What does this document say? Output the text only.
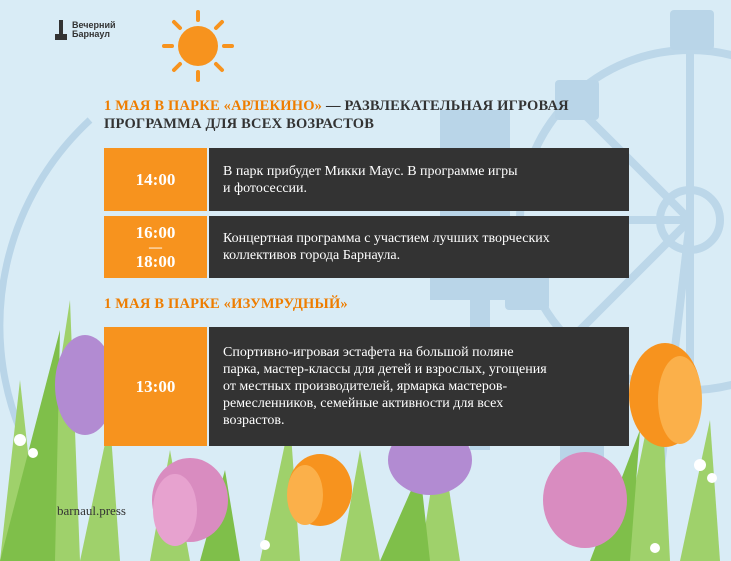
Вечерний
Барнаул
1 МАЯ В ПАРКЕ «АРЛЕКИНО» — РАЗВЛЕКАТЕЛЬНАЯ ИГРОВАЯ
ПРОГРАММА ДЛЯ ВСЕХ ВОЗРАСТОВ
14:00	В парк прибудет Микки Маус. В программе игры
и фотосессии.
16:00
—
18:00
Концертная программа с участием лучших творческих
коллективов города Барнаула.
1 МАЯ В ПАРКЕ «ИЗУМРУДНЫЙ»
13:00
Спортивно-игровая эстафета на большой поляне
парка, мастер-классы для детей и взрослых, угощения
от местных производителей, ярмарка мастеров-
ремесленников, семейные активности для всех
возрастов.
barnaul.press
